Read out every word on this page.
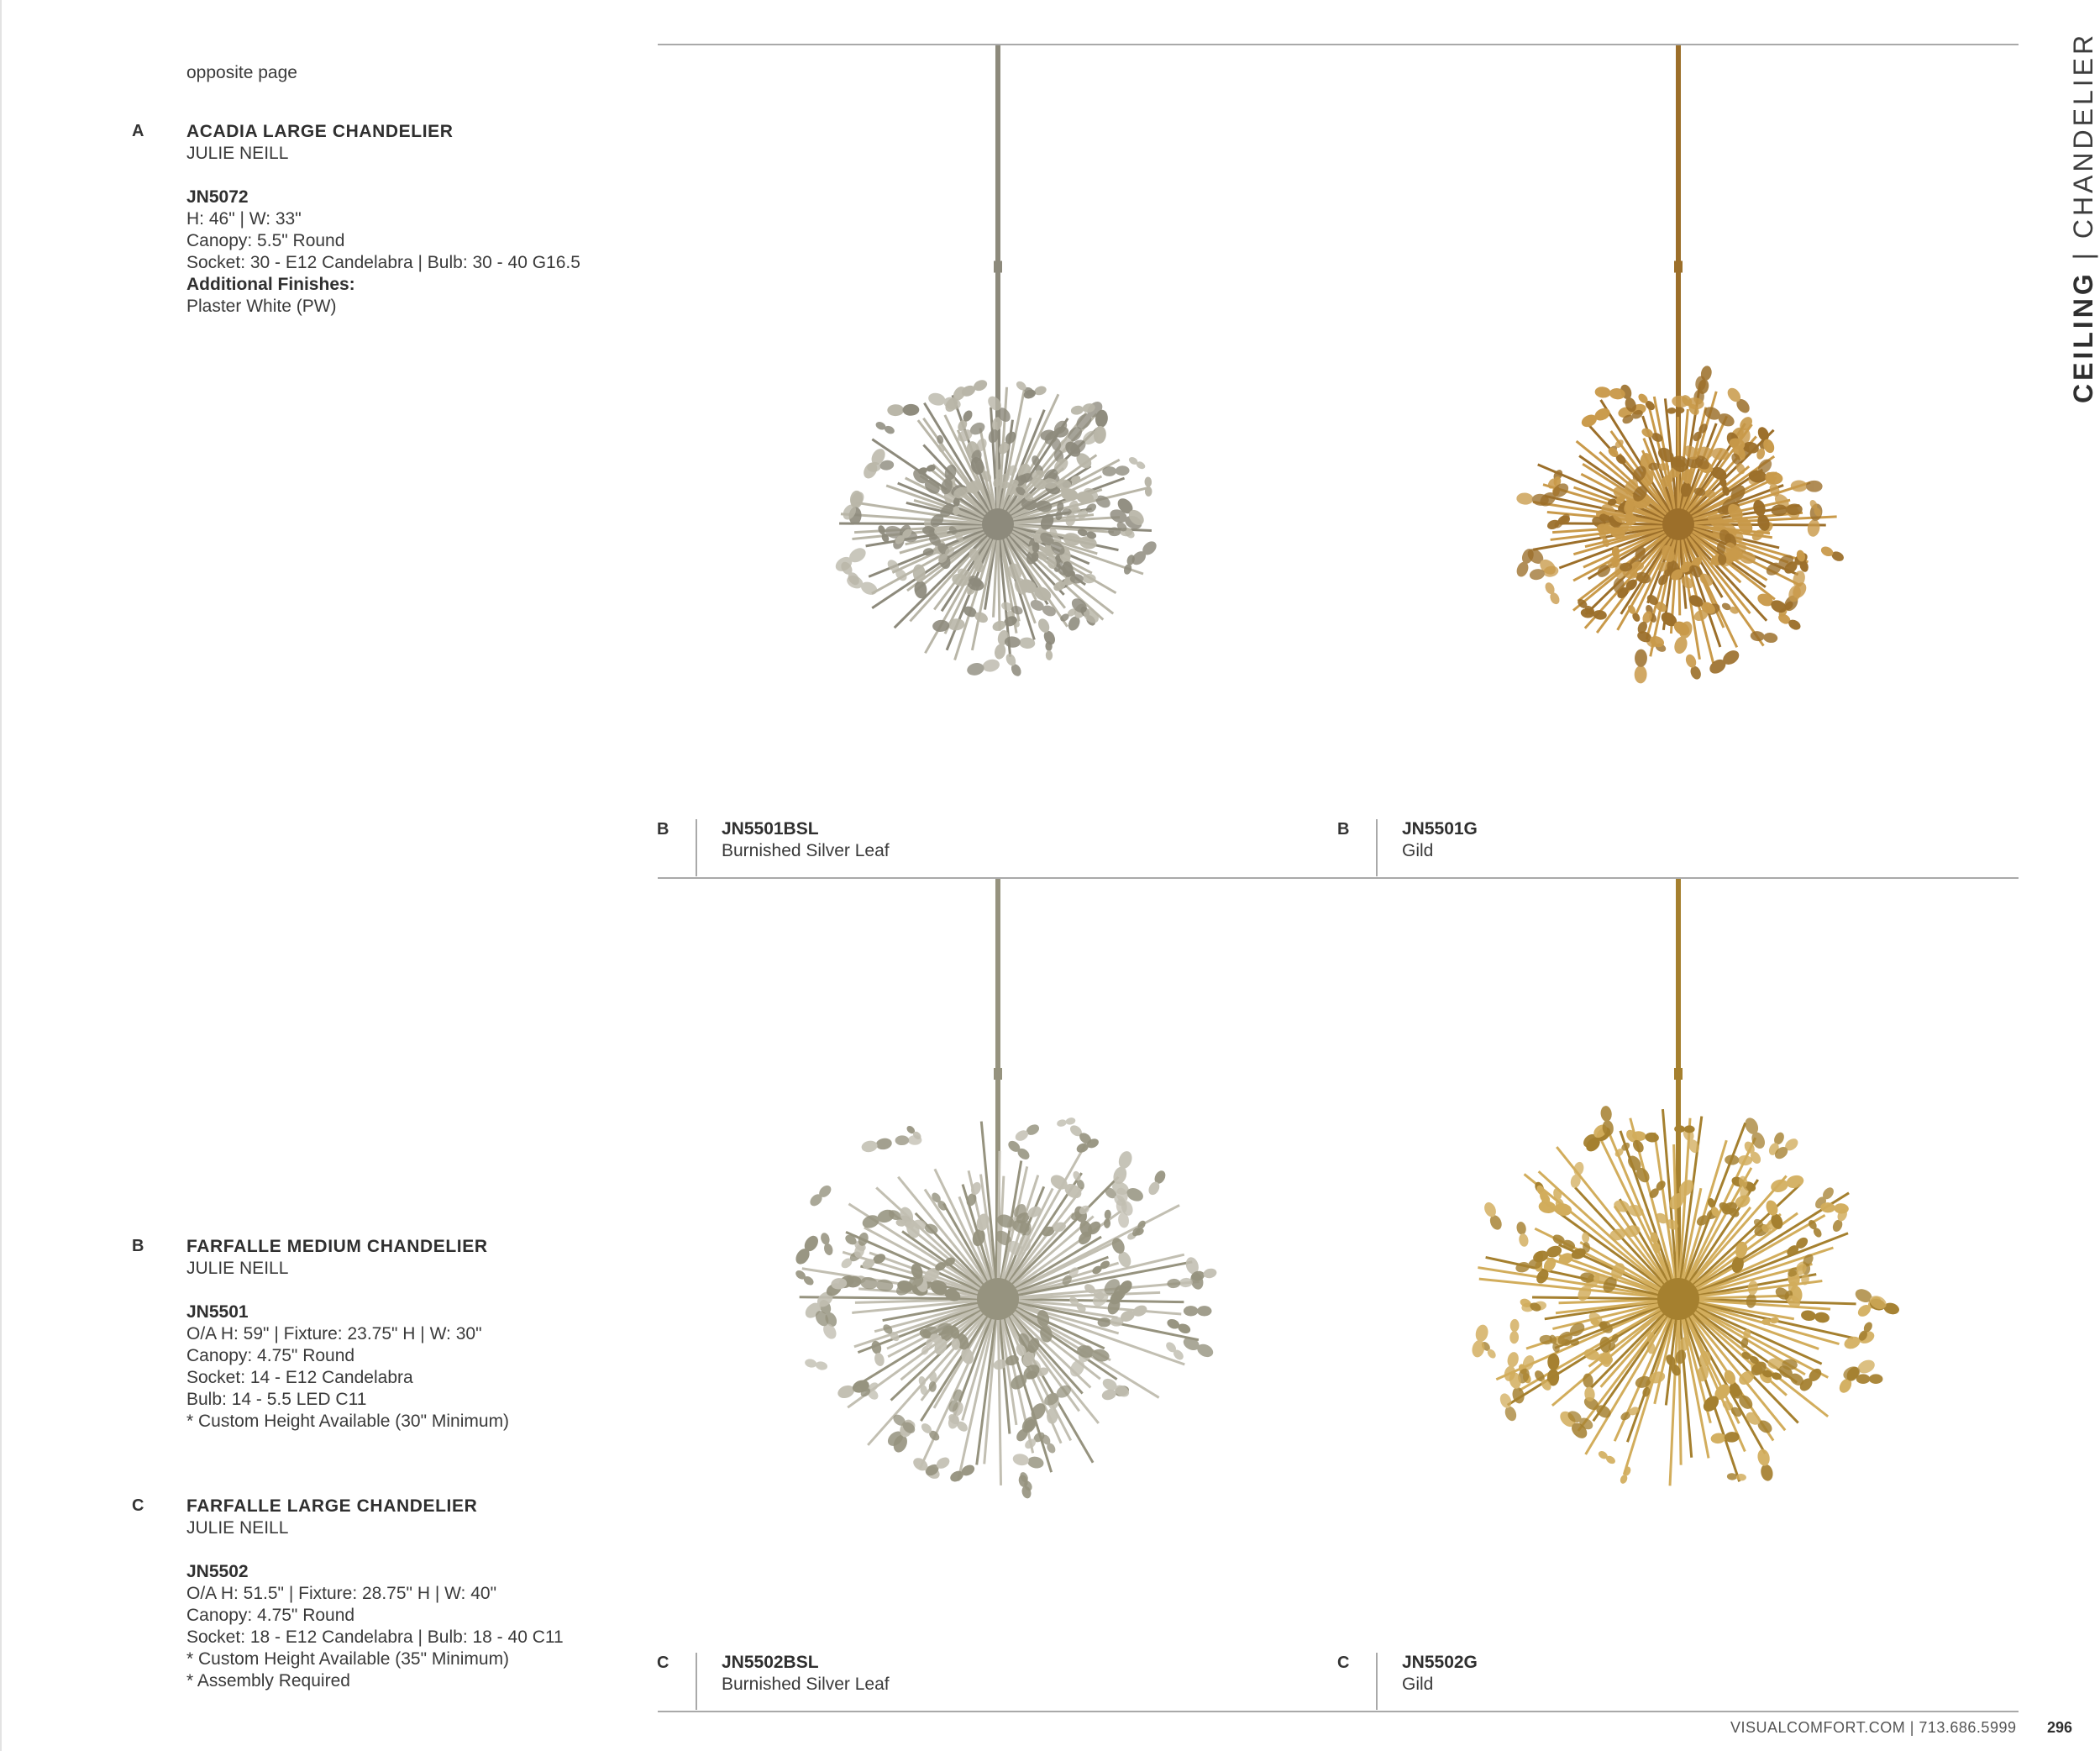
opposite page
A ACADIA LARGE CHANDELIER
JULIE NEILL
JN5072
H: 46" | W: 33"
Canopy: 5.5" Round
Socket: 30 - E12 Candelabra | Bulb: 30 - 40 G16.5
Additional Finishes:
Plaster White (PW)
B FARFALLE MEDIUM CHANDELIER
JULIE NEILL
JN5501
O/A H: 59" | Fixture: 23.75" H | W: 30"
Canopy: 4.75" Round
Socket: 14 - E12 Candelabra
Bulb: 14 - 5.5 LED C11
* Custom Height Available (30" Minimum)
C FARFALLE LARGE CHANDELIER
JULIE NEILL
JN5502
O/A H: 51.5" | Fixture: 28.75" H | W: 40"
Canopy: 4.75" Round
Socket: 18 - E12 Candelabra | Bulb: 18 - 40 C11
* Custom Height Available (35" Minimum)
* Assembly Required
B	JN5501BSL
Burnished Silver Leaf
B	JN5501G
Gild
C	JN5502BSL
Burnished Silver Leaf
C	JN5502G
Gild
CEILING | CHANDELIER
VISUALCOMFORT.COM | 713.686.5999 296
